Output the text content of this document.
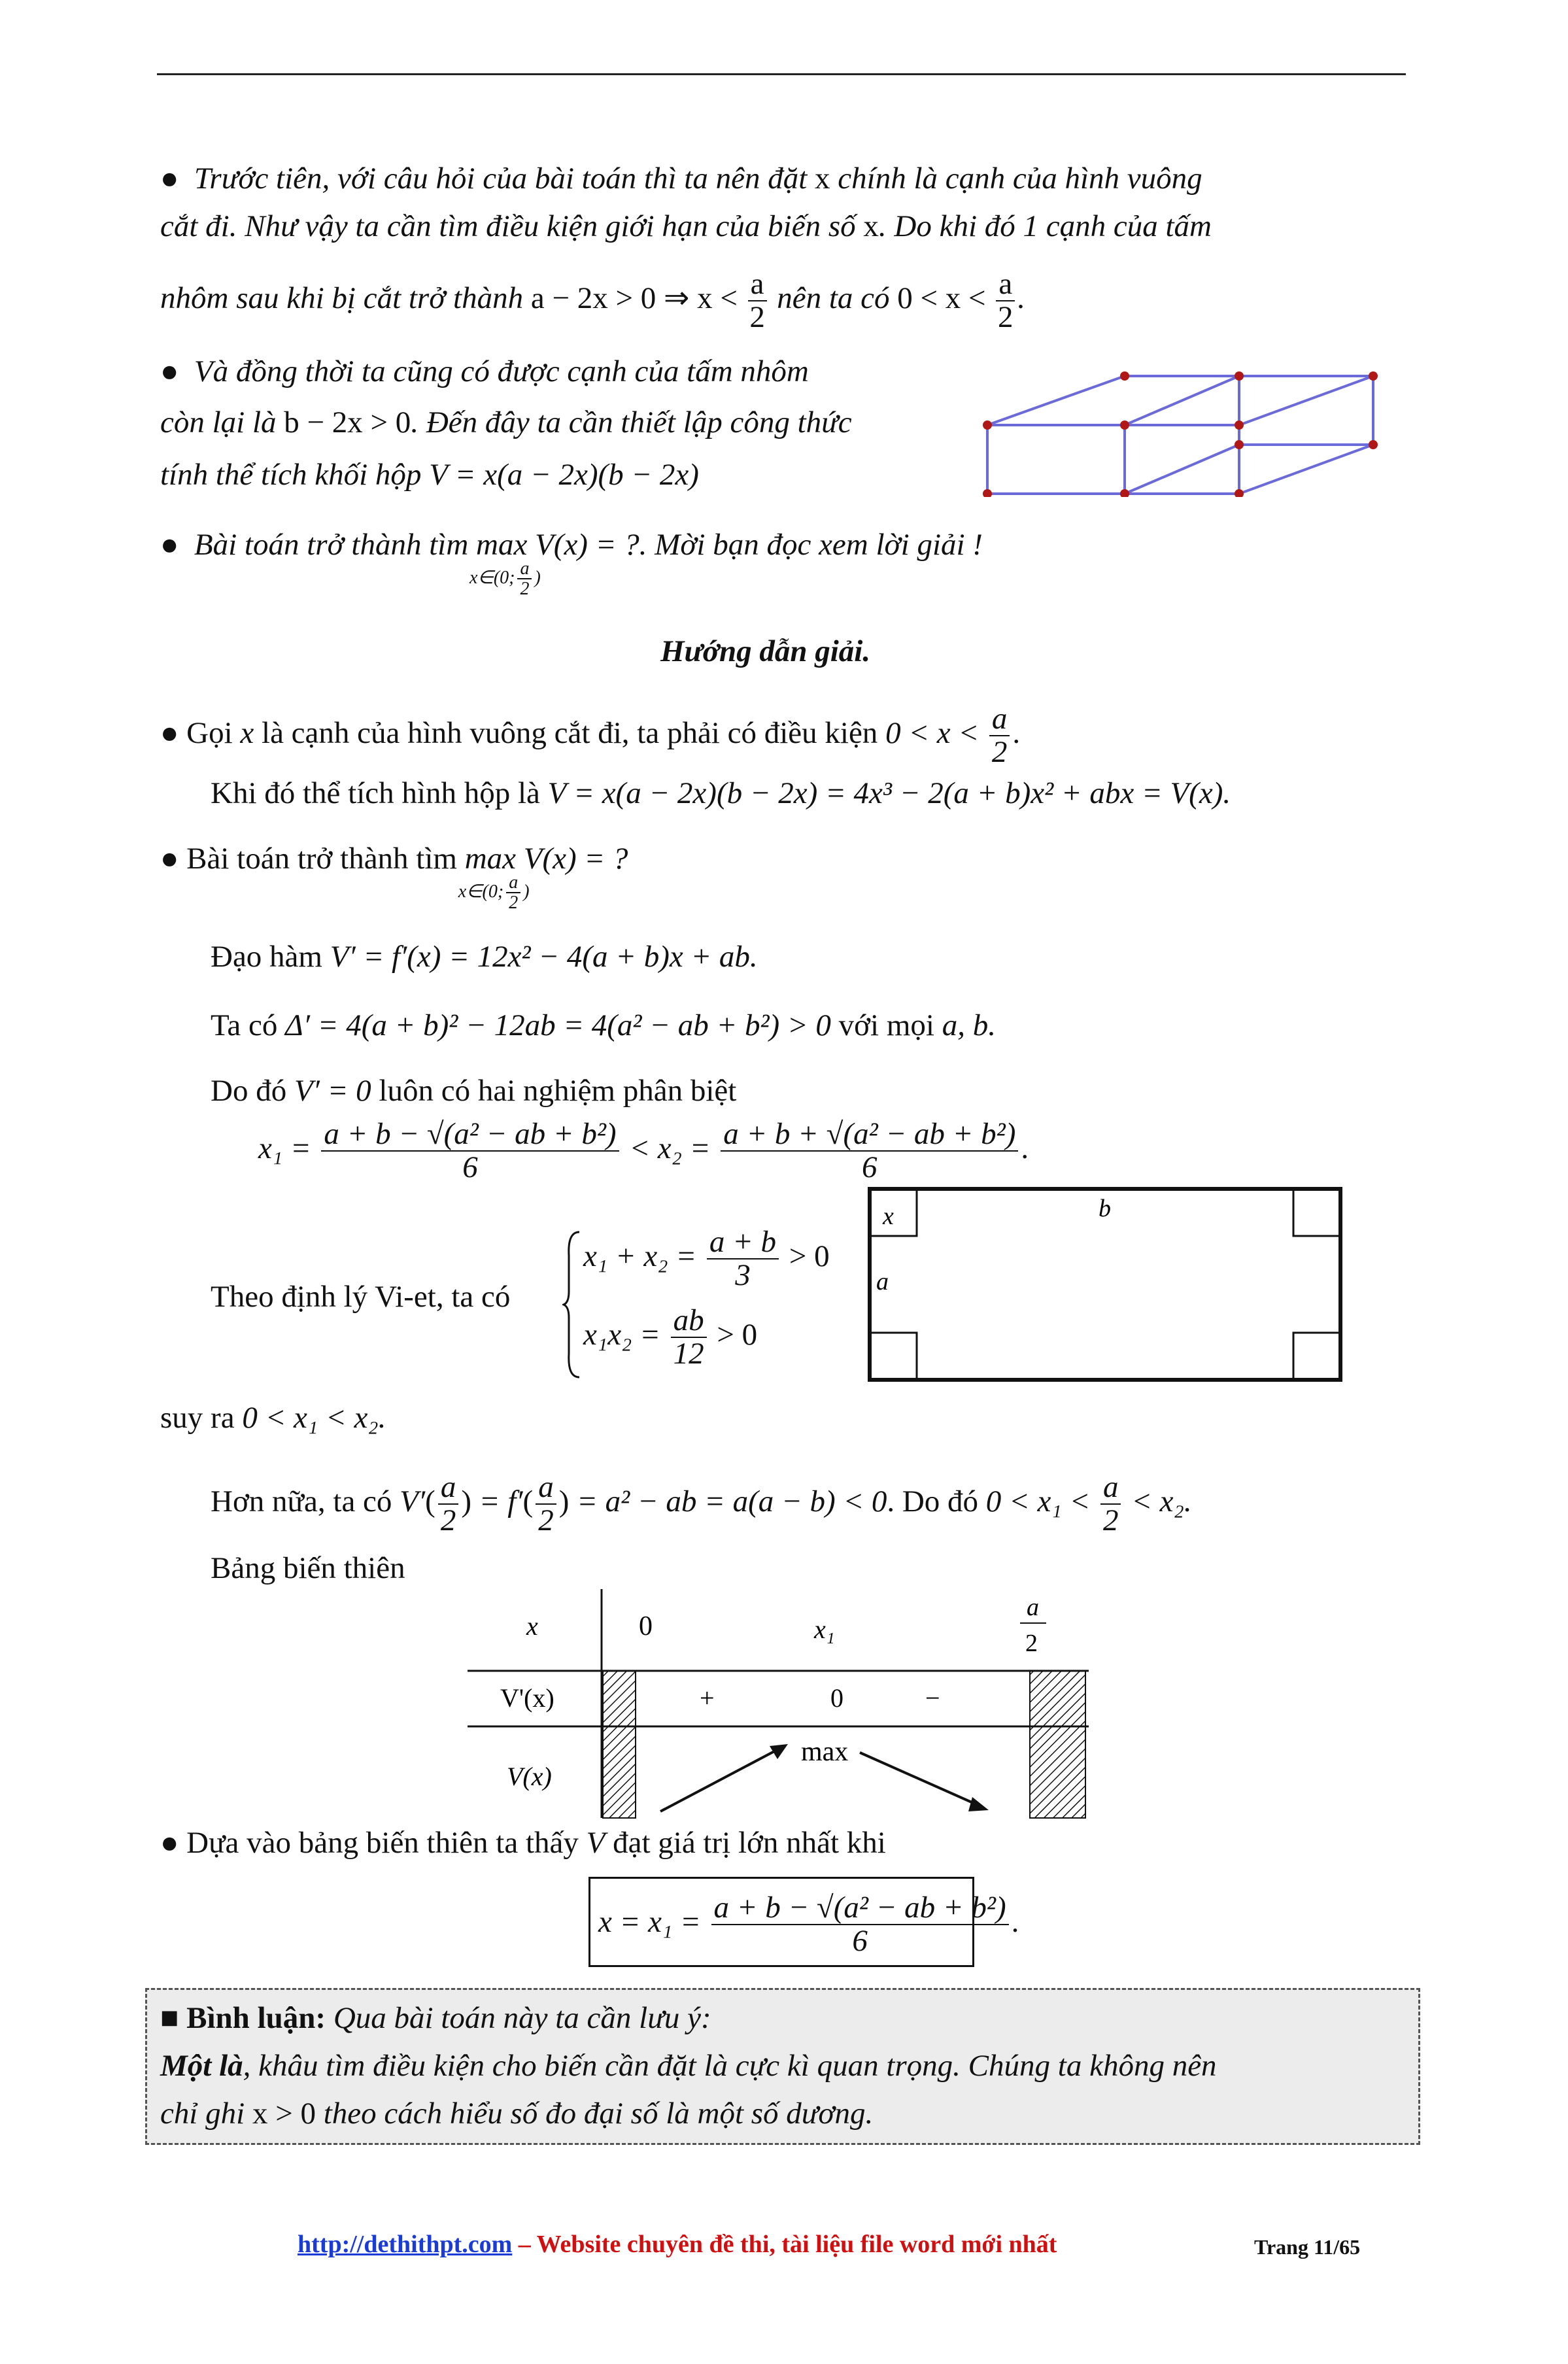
● Trước tiên, với câu hỏi của bài toán thì ta nên đặt x chính là cạnh của hình vuông
cắt đi. Như vậy ta cần tìm điều kiện giới hạn của biến số x. Do khi đó 1 cạnh của tấm
nhôm sau khi bị cắt trở thành a − 2x > 0 ⇒ $x < \frac{a}{2}$ nên ta có $0 < x < \frac{a}{2}$ .
● Và đồng thời ta cũng có được cạnh của tấm nhôm
còn lại là b − 2x > 0. Đến đây ta cần thiết lập công thức
tính thể tích khối hộp V = x(a − 2x)(b − 2x)
● Bài toán trở thành tìm max
x∈(0; $\frac{a}{2}$ )
V(x) = ?. Mời bạn đọc xem lời giải !
Hướng dẫn giải.
● Gọi x là cạnh của hình vuông cắt đi, ta phải có điều kiện $0 < x < \frac{a}{2}$ .
Khi đó thể tích hình hộp là V = x(a − 2x)(b − 2x) = 4x³ − 2(a + b)x² + abx = V(x).
● Bài toán trở thành tìm max
x∈(0; $\frac{a}{2}$ )
V(x) = ?
Đạo hàm V′ = f′(x) = 12x² − 4(a + b)x + ab.
Ta có Δ′ = 4(a + b)² − 12ab = 4(a² − ab + b²) > 0 với mọi a, b.
Do đó V′ = 0 luôn có hai nghiệm phân biệt
$x_1 = \frac{\text{a + b − √(a² − ab + b²)}}{6} < x_2 = \frac{\text{a + b + √(a² − ab + b²)}}{6}$ .
x	b
a
Theo định lý Vi-et, ta có
$x_1 + x_2 = \frac{a + b}{3} > 0$
$x_1x_2 = \frac{ab}{12} > 0$
suy ra 0 < x₁ < x₂.
Hơn nữa, ta có $V'( \frac{a}{2}$ ) = $f'( \frac{a}{2}$ ) = a² − ab = a(a − b) < 0. Do đó $0 < x_1 < \frac{a}{2} < x_2$.
Bảng biến thiên
x	0	x₁
a
2
V'(x)	+	0	−
V(x)
max
● Dựa vào bảng biến thiên ta thấy V đạt giá trị lớn nhất khi
$x = x_1 = \frac{\text{a + b − √(a² − ab + b²)}}{6}$ .
■ Bình luận: Qua bài toán này ta cần lưu ý:
Một là, khâu tìm điều kiện cho biến cần đặt là cực kì quan trọng. Chúng ta không nên
chỉ ghi x > 0 theo cách hiểu số đo đại số là một số dương.
http://dethithpt.com – Website chuyên đề thi, tài liệu file word mới nhất	Trang 11/65
